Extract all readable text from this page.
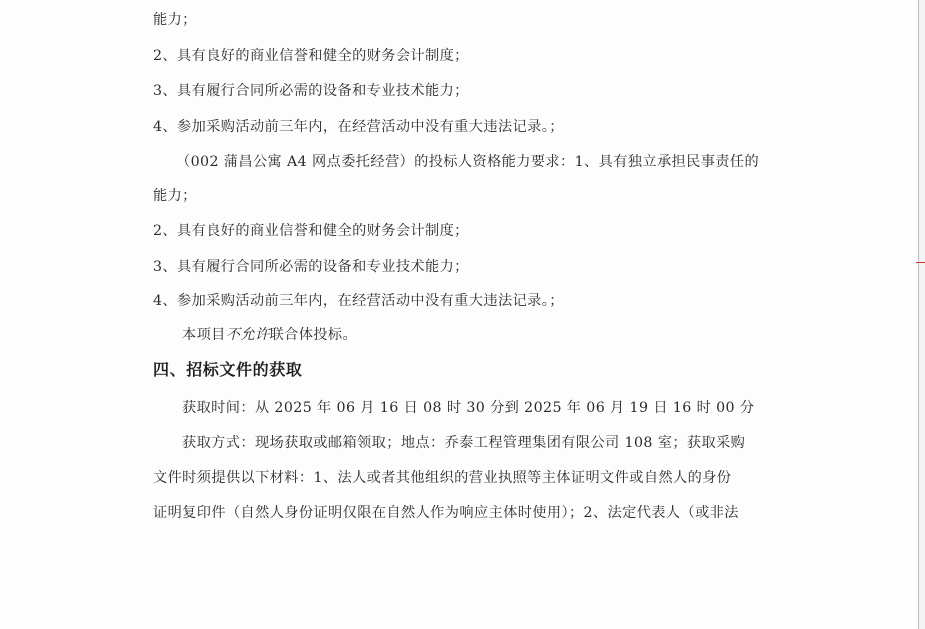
能力；
2、具有良好的商业信誉和健全的财务会计制度；
3、具有履行合同所必需的设备和专业技术能力；
4、参加采购活动前三年内，在经营活动中没有重大违法记录。；
（002 蒲昌公寓 A4 网点委托经营）的投标人资格能力要求：1、具有独立承担民事责任的
能力；
2、具有良好的商业信誉和健全的财务会计制度；
3、具有履行合同所必需的设备和专业技术能力；
4、参加采购活动前三年内，在经营活动中没有重大违法记录。；
本项目不允许联合体投标。
四、招标文件的获取
获取时间：从 2025 年 06 月 16 日 08 时 30 分到 2025 年 06 月 19 日 16 时 00 分
获取方式：现场获取或邮箱领取；地点：乔泰工程管理集团有限公司 108 室；获取采购
文件时须提供以下材料：1、法人或者其他组织的营业执照等主体证明文件或自然人的身份
证明复印件（自然人身份证明仅限在自然人作为响应主体时使用）；2、法定代表人（或非法
